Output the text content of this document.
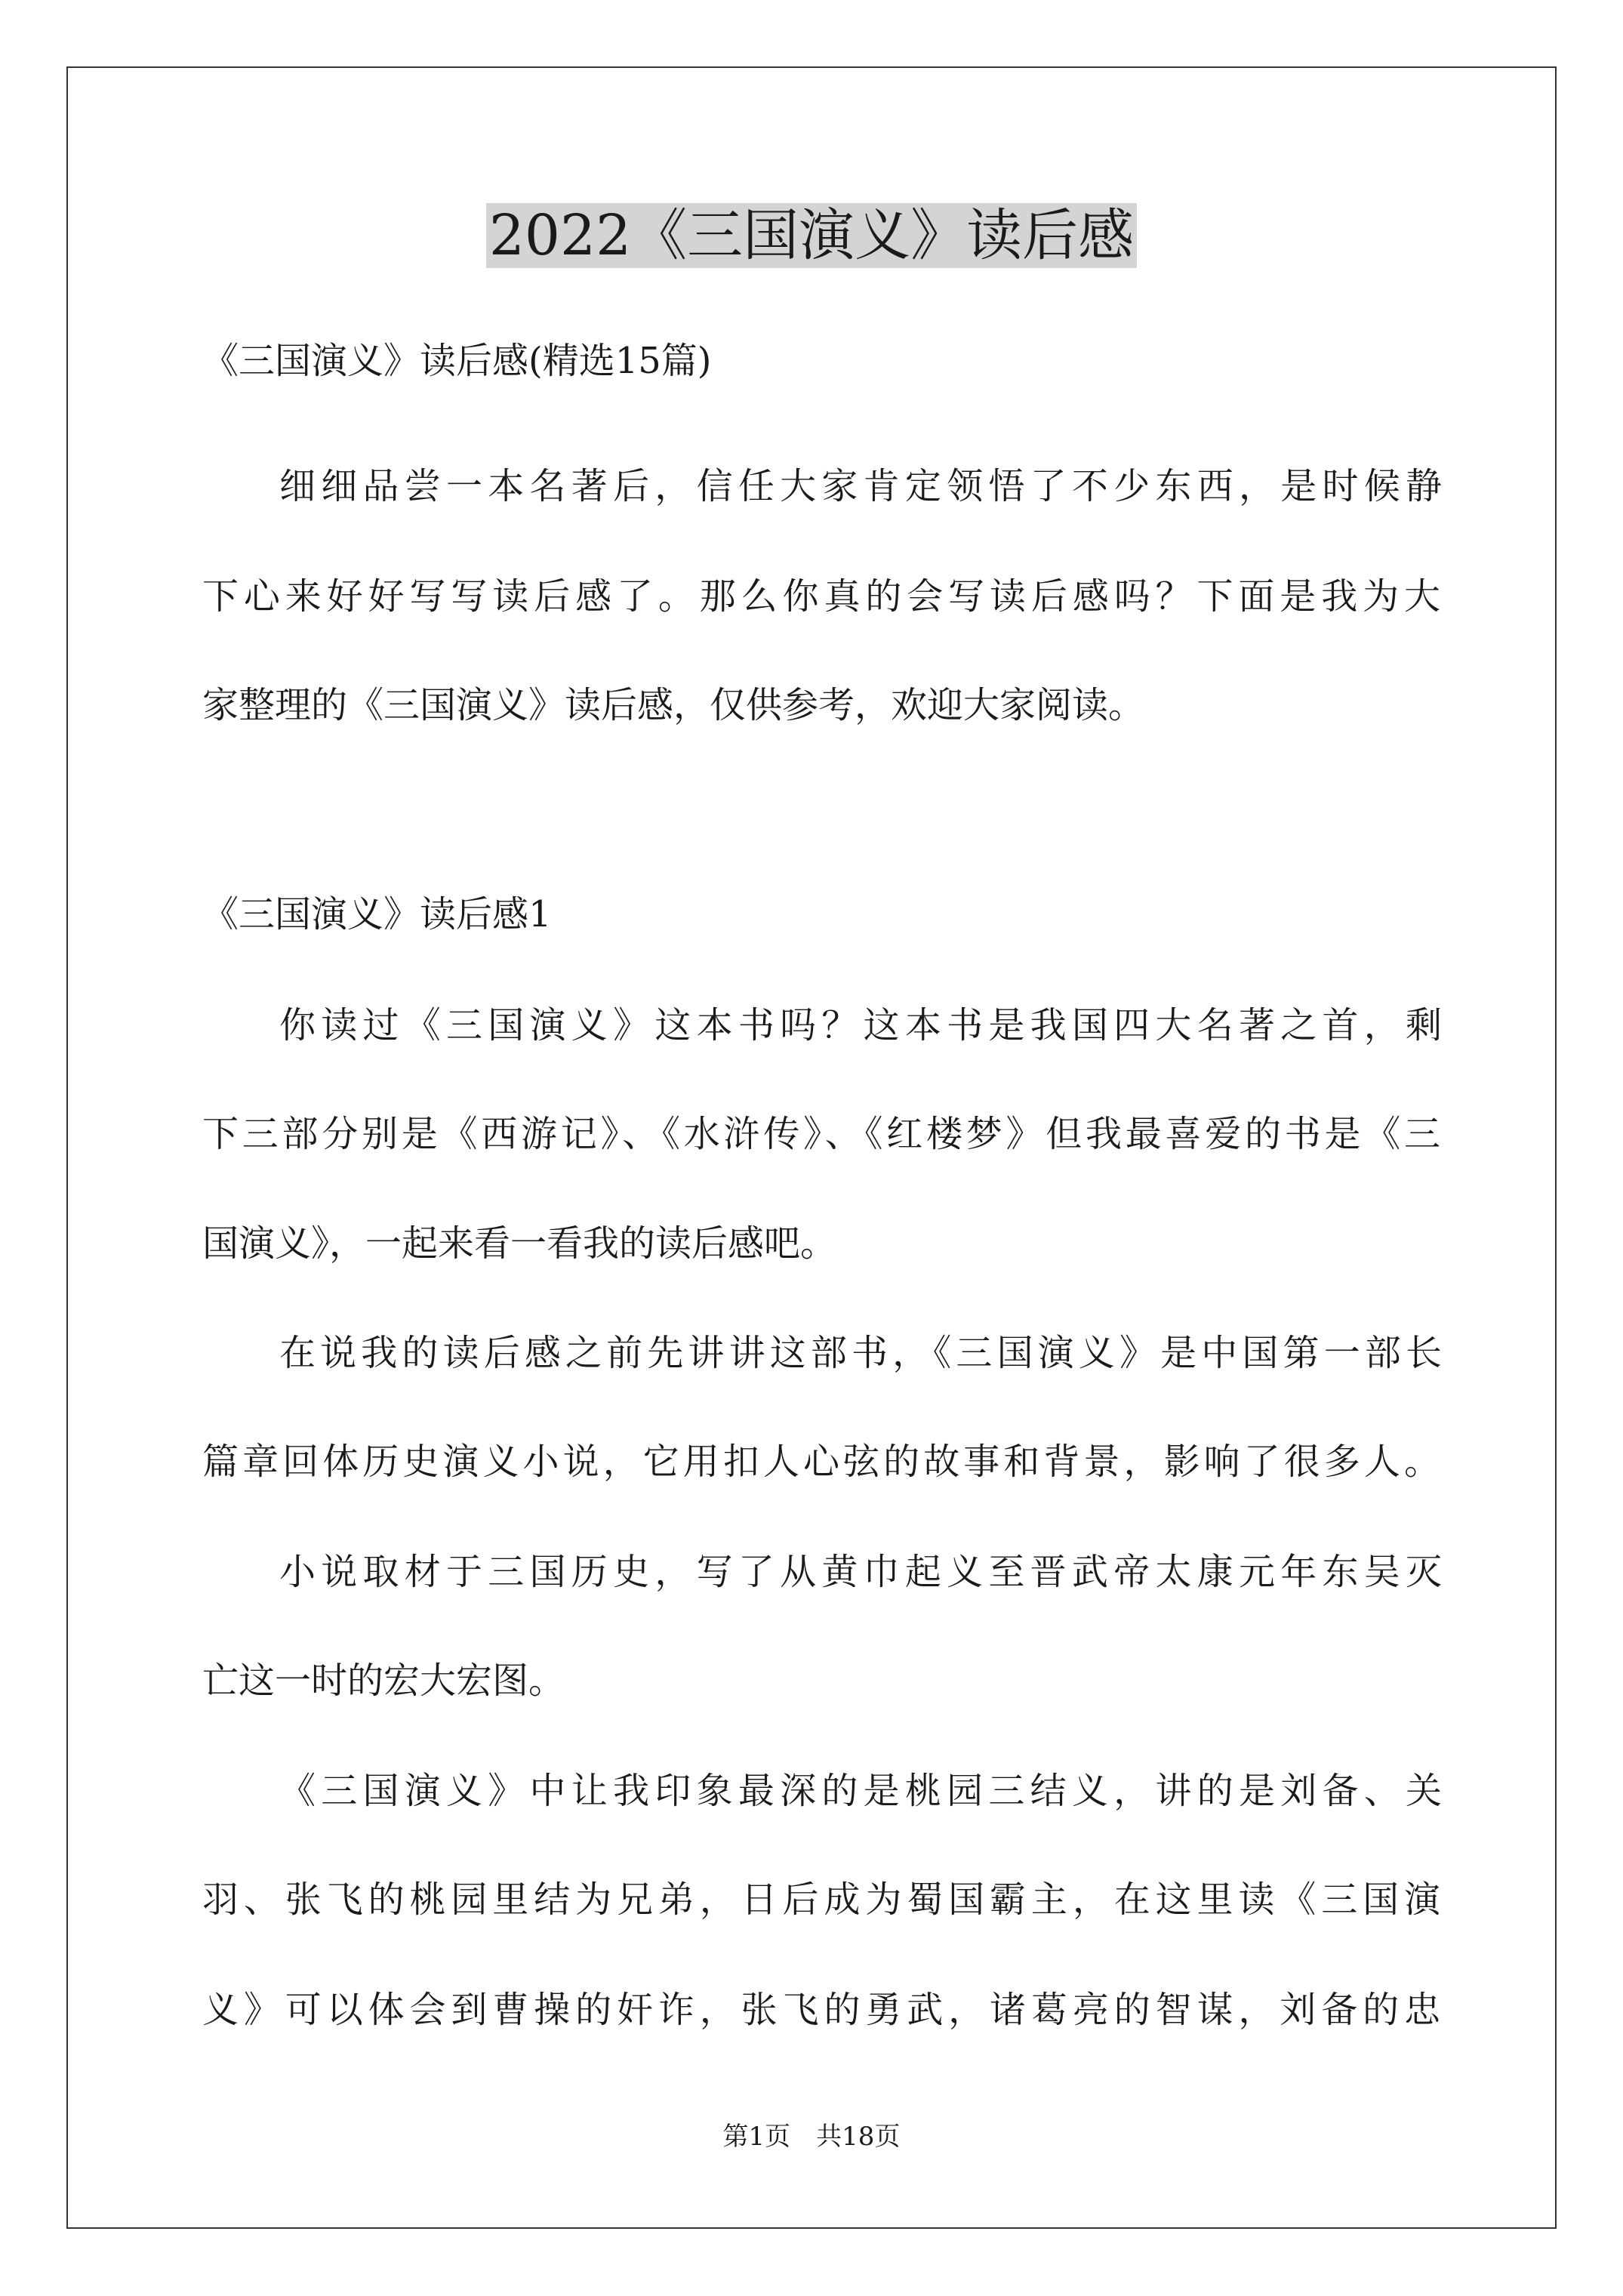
2022《三国演义》读后感
《三国演义》读后感(精选15篇)
细细品尝一本名著后，信任大家肯定领悟了不少东西，是时候静
下心来好好写写读后感了。那么你真的会写读后感吗？下面是我为大
家整理的《三国演义》读后感，仅供参考，欢迎大家阅读。
《三国演义》读后感1
你读过《三国演义》这本书吗？这本书是我国四大名著之首，剩
下三部分别是《西游记》、《水浒传》、《红楼梦》但我最喜爱的书是《三
国演义》，一起来看一看我的读后感吧。
在说我的读后感之前先讲讲这部书，《三国演义》是中国第一部长
篇章回体历史演义小说，它用扣人心弦的故事和背景，影响了很多人。
小说取材于三国历史，写了从黄巾起义至晋武帝太康元年东吴灭
亡这一时的宏大宏图。
《三国演义》中让我印象最深的是桃园三结义，讲的是刘备、关
羽、张飞的桃园里结为兄弟，日后成为蜀国霸主，在这里读《三国演
义》可以体会到曹操的奸诈，张飞的勇武，诸葛亮的智谋，刘备的忠
第1页　共18页
